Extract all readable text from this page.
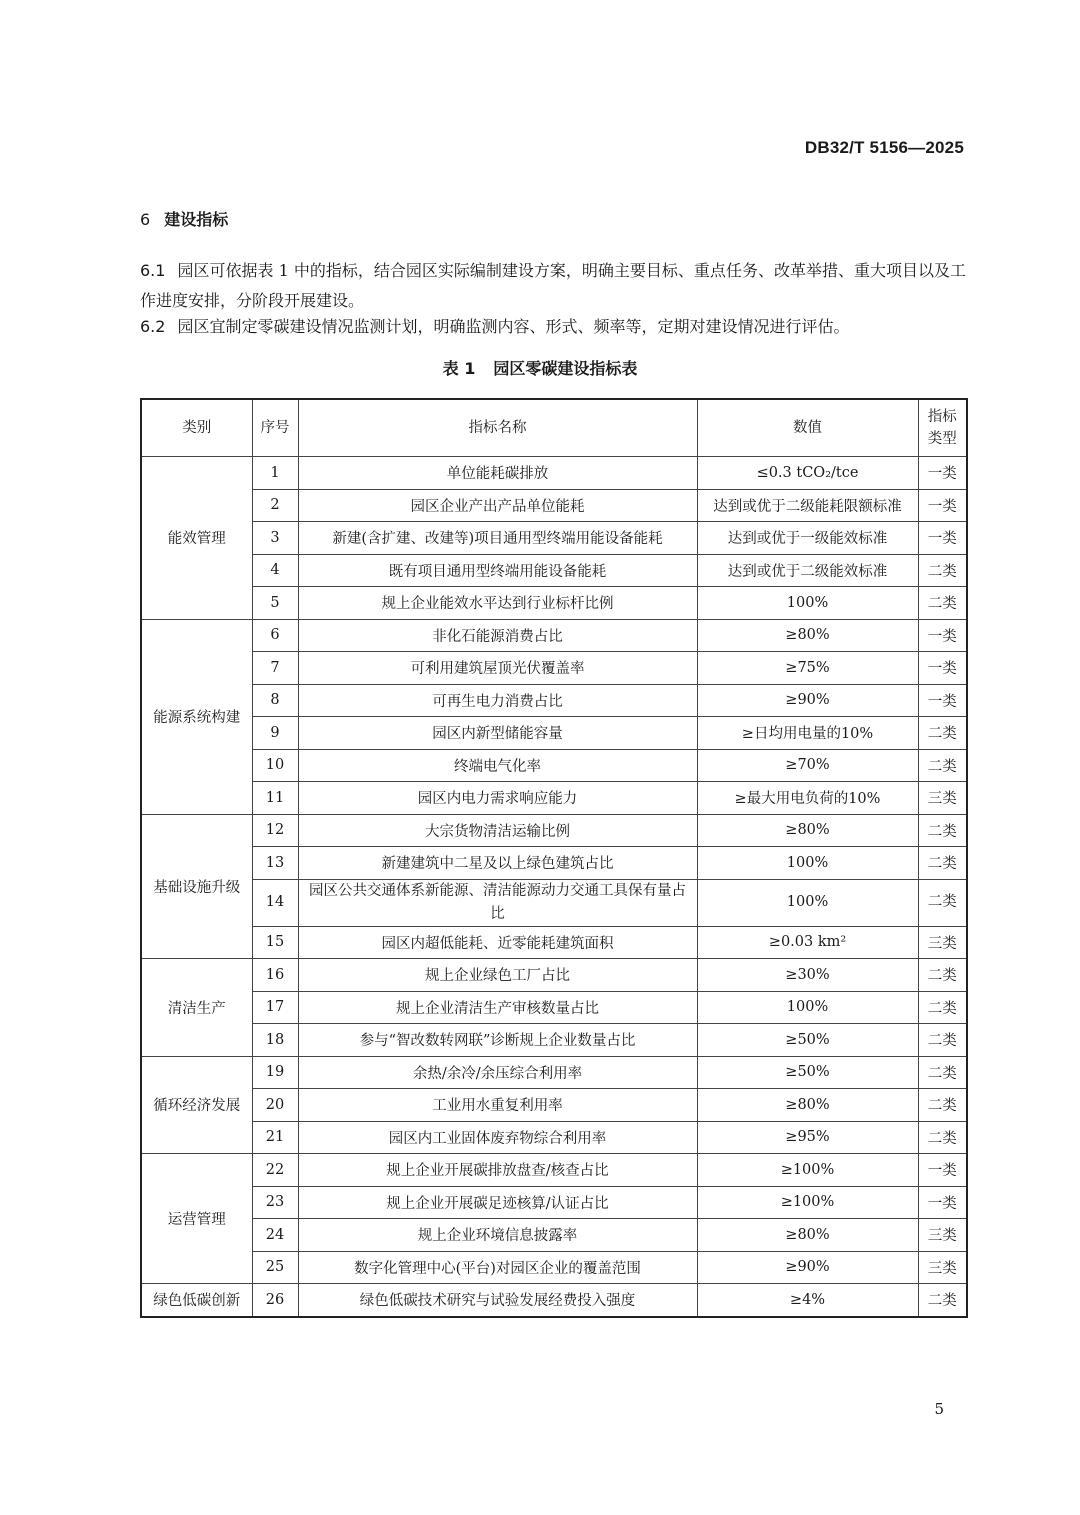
DB32/T 5156—2025
6 建设指标
6.1 园区可依据表 1 中的指标，结合园区实际编制建设方案，明确主要目标、重点任务、改革举措、重大项目以及工作进度安排，分阶段开展建设。
6.2 园区宜制定零碳建设情况监测计划，明确监测内容、形式、频率等，定期对建设情况进行评估。
表 1 园区零碳建设指标表
类别	序号	指标名称	数值	指标类型
能效管理	1	单位能耗碳排放	≤0.3 tCO₂/tce	一类
	2	园区企业产出产品单位能耗	达到或优于二级能耗限额标准	一类
	3	新建(含扩建、改建等)项目通用型终端用能设备能耗	达到或优于一级能效标准	一类
	4	既有项目通用型终端用能设备能耗	达到或优于二级能效标准	二类
	5	规上企业能效水平达到行业标杆比例	100%	二类
能源系统构建	6	非化石能源消费占比	≥80%	一类
	7	可利用建筑屋顶光伏覆盖率	≥75%	一类
	8	可再生电力消费占比	≥90%	一类
	9	园区内新型储能容量	≥日均用电量的10%	二类
	10	终端电气化率	≥70%	二类
	11	园区内电力需求响应能力	≥最大用电负荷的10%	三类
基础设施升级	12	大宗货物清洁运输比例	≥80%	二类
	13	新建建筑中二星及以上绿色建筑占比	100%	二类
	14	园区公共交通体系新能源、清洁能源动力交通工具保有量占比	100%	二类
	15	园区内超低能耗、近零能耗建筑面积	≥0.03 km²	三类
清洁生产	16	规上企业绿色工厂占比	≥30%	二类
	17	规上企业清洁生产审核数量占比	100%	二类
	18	参与“智改数转网联”诊断规上企业数量占比	≥50%	二类
循环经济发展	19	余热/余冷/余压综合利用率	≥50%	二类
	20	工业用水重复利用率	≥80%	二类
	21	园区内工业固体废弃物综合利用率	≥95%	二类
运营管理	22	规上企业开展碳排放盘查/核查占比	≥100%	一类
	23	规上企业开展碳足迹核算/认证占比	≥100%	一类
	24	规上企业环境信息披露率	≥80%	三类
	25	数字化管理中心(平台)对园区企业的覆盖范围	≥90%	三类
绿色低碳创新	26	绿色低碳技术研究与试验发展经费投入强度	≥4%	二类
5
